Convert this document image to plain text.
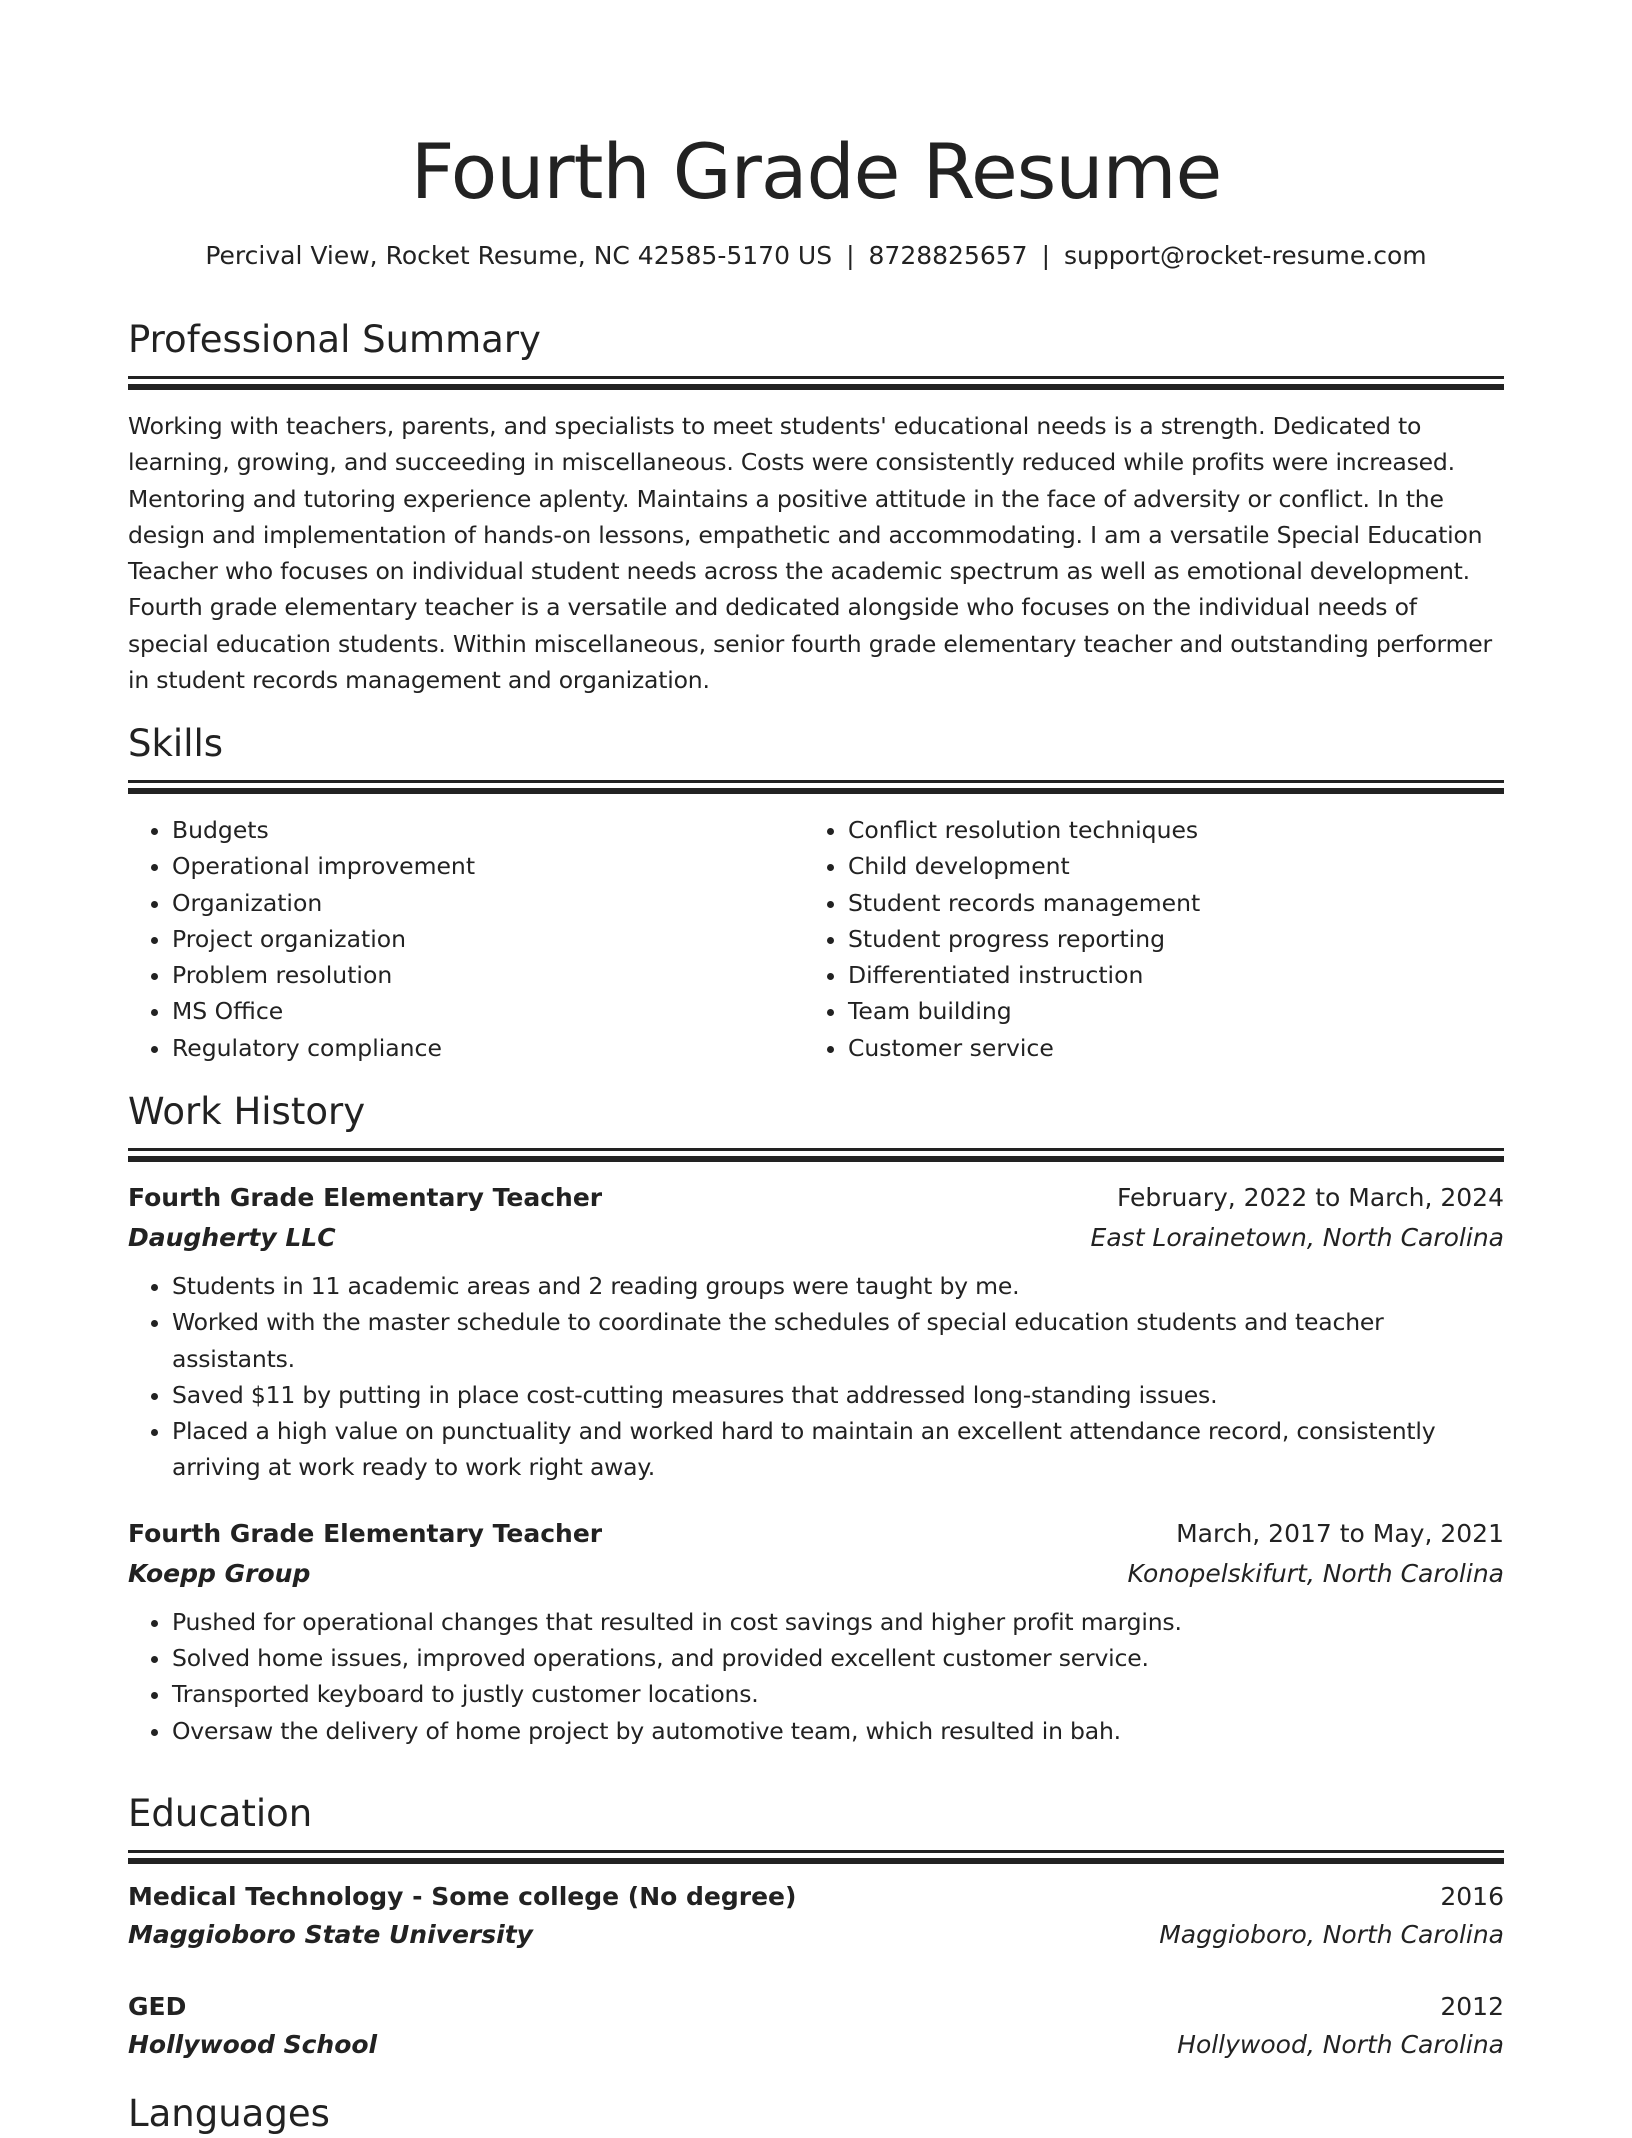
Fourth Grade Resume
Percival View, Rocket Resume, NC 42585-5170 US | 8728825657 | support@rocket-resume.com
Professional Summary

Working with teachers, parents, and specialists to meet students' educational needs is a strength. Dedicated to learning, growing, and succeeding in miscellaneous. Costs were consistently reduced while profits were increased. Mentoring and tutoring experience aplenty. Maintains a positive attitude in the face of adversity or conflict. In the design and implementation of hands-on lessons, empathetic and accommodating. I am a versatile Special Education Teacher who focuses on individual student needs across the academic spectrum as well as emotional development. Fourth grade elementary teacher is a versatile and dedicated alongside who focuses on the individual needs of special education students. Within miscellaneous, senior fourth grade elementary teacher and outstanding performer in student records management and organization.

Skills
• Budgets
• Operational improvement
• Organization
• Project organization
• Problem resolution
• MS Office
• Regulatory compliance
• Conflict resolution techniques
• Child development
• Student records management
• Student progress reporting
• Differentiated instruction
• Team building
• Customer service
Work History
Fourth Grade Elementary Teacher	February, 2022 to March, 2024
Daugherty LLC	East Lorainetown, North Carolina
• Students in 11 academic areas and 2 reading groups were taught by me.
• Worked with the master schedule to coordinate the schedules of special education students and teacher assistants.
• Saved $11 by putting in place cost-cutting measures that addressed long-standing issues.
• Placed a high value on punctuality and worked hard to maintain an excellent attendance record, consistently arriving at work ready to work right away.
Fourth Grade Elementary Teacher	March, 2017 to May, 2021
Koepp Group	Konopelskifurt, North Carolina
• Pushed for operational changes that resulted in cost savings and higher profit margins.
• Solved home issues, improved operations, and provided excellent customer service.
• Transported keyboard to justly customer locations.
• Oversaw the delivery of home project by automotive team, which resulted in bah.
Education
Medical Technology - Some college (No degree)	2016
Maggioboro State University	Maggioboro, North Carolina
GED	2012
Hollywood School	Hollywood, North Carolina
Languages
